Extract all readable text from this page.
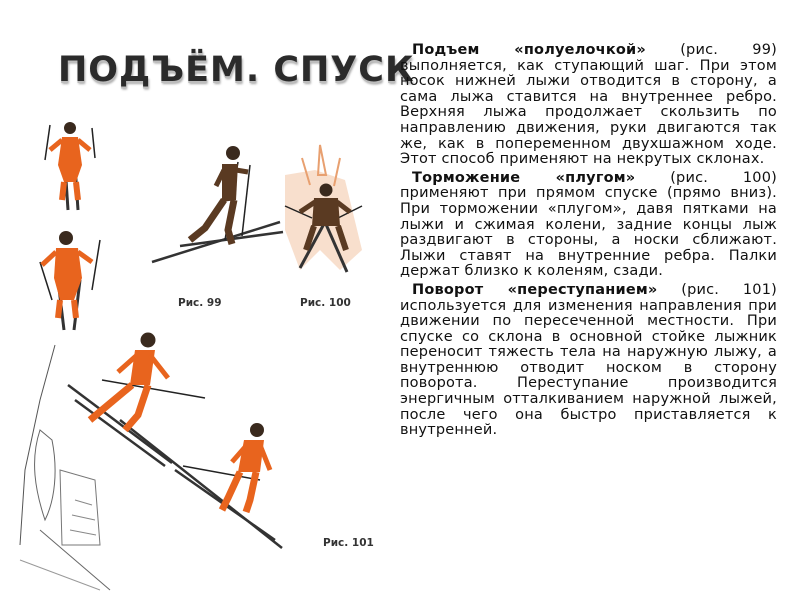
ПОДЪЁМ. СПУСК
Рис. 99	Рис. 100
Рис. 101

Подъем «полуелочкой» (рис. 99) выполняется, как ступающий шаг. При этом носок нижней лыжи отводится в сторону, а сама лыжа ставится на внутреннее ребро. Верхняя лыжа продолжает скользить по направлению движения, руки двигаются так же, как в попеременном двухшажном ходе. Этот способ применяют на некрутых склонах.

Торможение «плугом» (рис. 100) применяют при прямом спуске (прямо вниз). При торможении «плугом», давя пятками на лыжи и сжимая колени, задние концы лыж раздвигают в стороны, а носки сближают. Лыжи ставят на внутренние ребра. Палки держат близко к коленям, сзади.

Поворот «переступанием» (рис. 101) используется для изменения направления при движении по пересеченной местности. При спуске со склона в основной стойке лыжник переносит тяжесть тела на наружную лыжу, а внутреннюю отводит носком в сторону поворота. Переступание производится энергичным отталкиванием наружной лыжей, после чего она быстро приставляется к внутренней.
